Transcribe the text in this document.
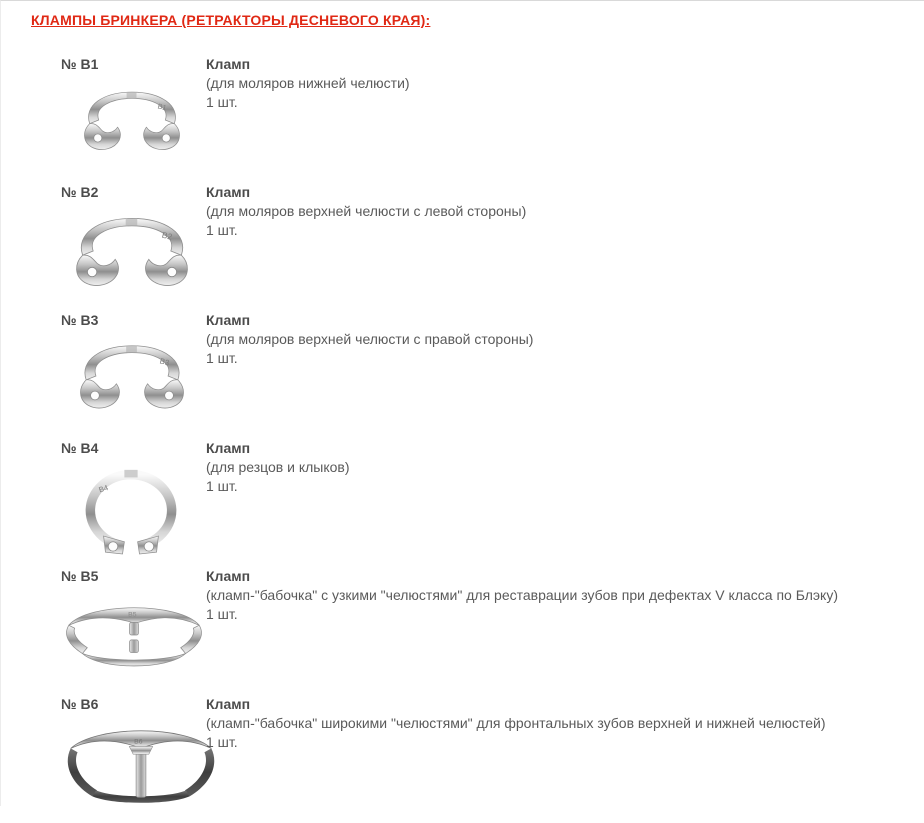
КЛАМПЫ БРИНКЕРА (РЕТРАКТОРЫ ДЕСНЕВОГО КРАЯ):
№ B1
B1
Кламп
(для моляров нижней челюсти)
1 шт.
№ B2
B2
Кламп
(для моляров верхней челюсти с левой стороны)
1 шт.
№ B3
B3
Кламп
(для моляров верхней челюсти с правой стороны)
1 шт.
№ B4
B4
Кламп
(для резцов и клыков)
1 шт.
№ B5
B5
Кламп
(кламп-"бабочка" с узкими "челюстями" для реставрации зубов при дефектах V класса по Блэку)
1 шт.
№ B6
B6
Кламп
(кламп-"бабочка" широкими "челюстями" для фронтальных зубов верхней и нижней челюстей)
1 шт.
